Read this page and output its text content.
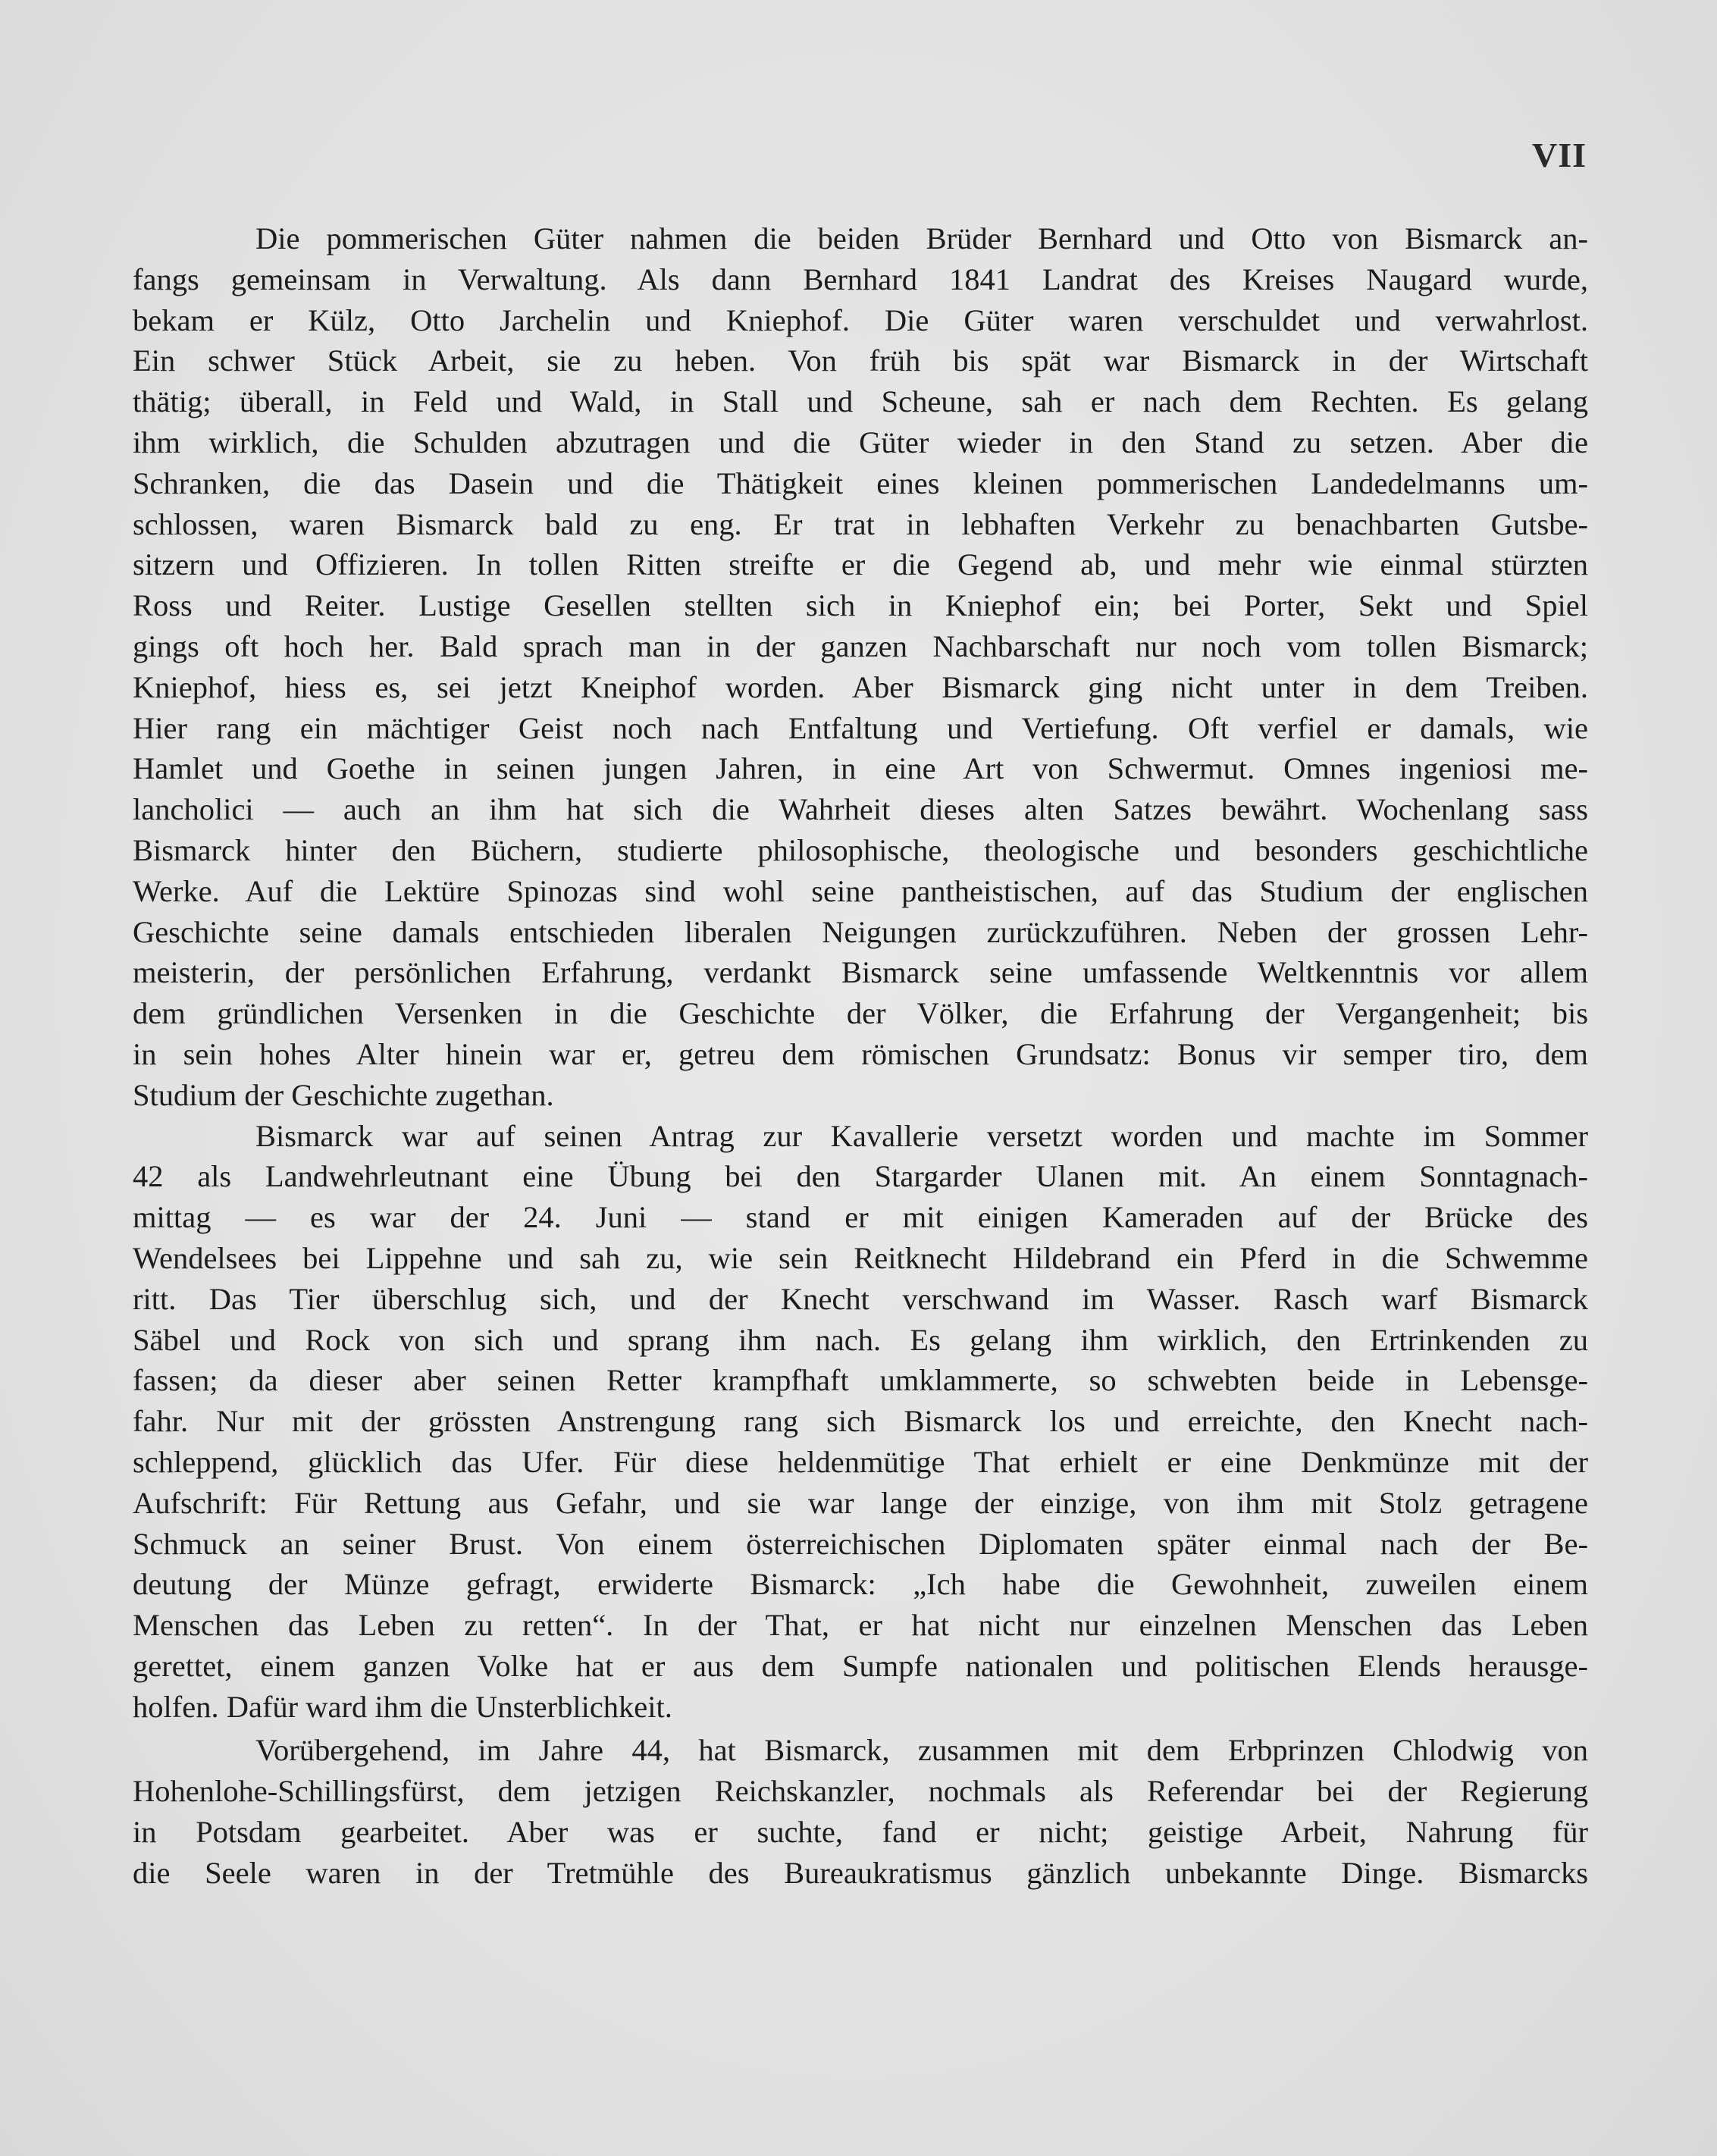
VII
Die pommerischen Güter nahmen die beiden Brüder Bernhard und Otto von Bismarck an-
fangs gemeinsam in Verwaltung. Als dann Bernhard 1841 Landrat des Kreises Naugard wurde,
bekam er Külz, Otto Jarchelin und Kniephof. Die Güter waren verschuldet und verwahrlost.
Ein schwer Stück Arbeit, sie zu heben. Von früh bis spät war Bismarck in der Wirtschaft
thätig; überall, in Feld und Wald, in Stall und Scheune, sah er nach dem Rechten. Es gelang
ihm wirklich, die Schulden abzutragen und die Güter wieder in den Stand zu setzen. Aber die
Schranken, die das Dasein und die Thätigkeit eines kleinen pommerischen Landedelmanns um-
schlossen, waren Bismarck bald zu eng. Er trat in lebhaften Verkehr zu benachbarten Gutsbe-
sitzern und Offizieren. In tollen Ritten streifte er die Gegend ab, und mehr wie einmal stürzten
Ross und Reiter. Lustige Gesellen stellten sich in Kniephof ein; bei Porter, Sekt und Spiel
gings oft hoch her. Bald sprach man in der ganzen Nachbarschaft nur noch vom tollen Bismarck;
Kniephof, hiess es, sei jetzt Kneiphof worden. Aber Bismarck ging nicht unter in dem Treiben.
Hier rang ein mächtiger Geist noch nach Entfaltung und Vertiefung. Oft verfiel er damals, wie
Hamlet und Goethe in seinen jungen Jahren, in eine Art von Schwermut. Omnes ingeniosi me-
lancholici — auch an ihm hat sich die Wahrheit dieses alten Satzes bewährt. Wochenlang sass
Bismarck hinter den Büchern, studierte philosophische, theologische und besonders geschichtliche
Werke. Auf die Lektüre Spinozas sind wohl seine pantheistischen, auf das Studium der englischen
Geschichte seine damals entschieden liberalen Neigungen zurückzuführen. Neben der grossen Lehr-
meisterin, der persönlichen Erfahrung, verdankt Bismarck seine umfassende Weltkenntnis vor allem
dem gründlichen Versenken in die Geschichte der Völker, die Erfahrung der Vergangenheit; bis
in sein hohes Alter hinein war er, getreu dem römischen Grundsatz: Bonus vir semper tiro, dem
Studium der Geschichte zugethan.
Bismarck war auf seinen Antrag zur Kavallerie versetzt worden und machte im Sommer
42 als Landwehrleutnant eine Übung bei den Stargarder Ulanen mit. An einem Sonntagnach-
mittag — es war der 24. Juni — stand er mit einigen Kameraden auf der Brücke des
Wendelsees bei Lippehne und sah zu, wie sein Reitknecht Hildebrand ein Pferd in die Schwemme
ritt. Das Tier überschlug sich, und der Knecht verschwand im Wasser. Rasch warf Bismarck
Säbel und Rock von sich und sprang ihm nach. Es gelang ihm wirklich, den Ertrinkenden zu
fassen; da dieser aber seinen Retter krampfhaft umklammerte, so schwebten beide in Lebensge-
fahr. Nur mit der grössten Anstrengung rang sich Bismarck los und erreichte, den Knecht nach-
schleppend, glücklich das Ufer. Für diese heldenmütige That erhielt er eine Denkmünze mit der
Aufschrift: Für Rettung aus Gefahr, und sie war lange der einzige, von ihm mit Stolz getragene
Schmuck an seiner Brust. Von einem österreichischen Diplomaten später einmal nach der Be-
deutung der Münze gefragt, erwiderte Bismarck: „Ich habe die Gewohnheit, zuweilen einem
Menschen das Leben zu retten“. In der That, er hat nicht nur einzelnen Menschen das Leben
gerettet, einem ganzen Volke hat er aus dem Sumpfe nationalen und politischen Elends herausge-
holfen. Dafür ward ihm die Unsterblichkeit.
Vorübergehend, im Jahre 44, hat Bismarck, zusammen mit dem Erbprinzen Chlodwig von
Hohenlohe-Schillingsfürst, dem jetzigen Reichskanzler, nochmals als Referendar bei der Regierung
in Potsdam gearbeitet. Aber was er suchte, fand er nicht; geistige Arbeit, Nahrung für
die Seele waren in der Tretmühle des Bureaukratismus gänzlich unbekannte Dinge. Bismarcks
